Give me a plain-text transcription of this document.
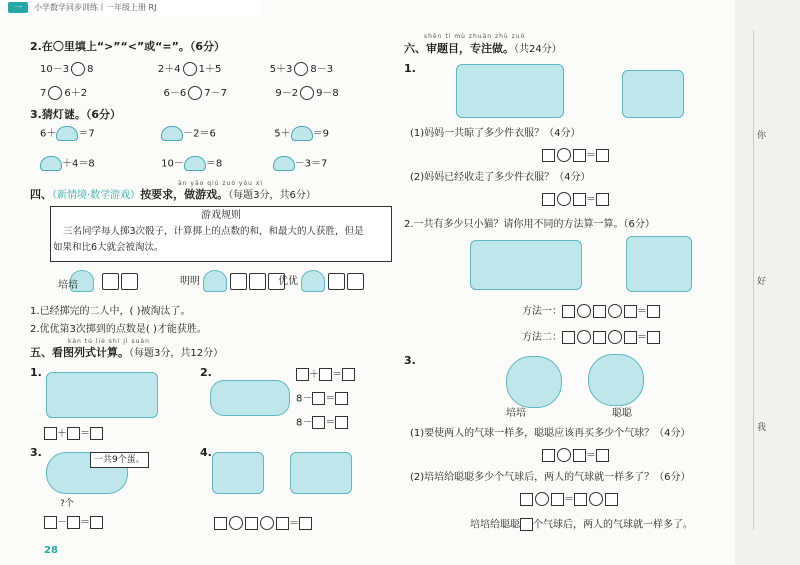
一	小学数学同步训练丨一年级上册 RJ
2.在〇里填上“>”“<”或“=”。（6分）
10－3 8	2＋4 1＋5	5＋3 8－3
7 6＋2	6－6 7－7	9－2 9－8
3.猜灯谜。（6分）
6＋ ＝7	－2＝6	5＋ ＝9
＋4＝8	10－ ＝8	－3＝7
àn yāo qiú zuò yóu xì
四、（新情境·数学游戏）按要求，做游戏。（每题3分，共6分）
游戏规则
三名同学每人掷3次骰子，计算掷上的点数的和，和最大的人获胜，但是
如果和比6大就会被淘汰。
培培	明明	优优
1.已经掷完的二人中，( )被淘汰了。
2.优优第3次掷到的点数是( )才能获胜。
kàn tú liè shì jì suàn
五、看图列式计算。（每题3分，共12分）
1.
＋ ＝
2.	＋ ＝
8－ ＝
8－ ＝
3.
一共9个蛋。
?个
－ ＝
4.
＝
28
shěn tí mù zhuān zhù zuò
六、审题目，专注做。（共24分）
1.
(1)妈妈一共晾了多少件衣服？（4分）
＝
(2)妈妈已经收走了多少件衣服？（4分）
＝
2.一共有多少只小猫？请你用不同的方法算一算。（6分）
方法一：	＝
方法二：	＝
3.
培培	聪聪
(1)要使两人的气球一样多，聪聪应该再买多少个气球？（4分）
＝
(2)培培给聪聪多少个气球后，两人的气球就一样多了？（6分）
＝
培培给聪聪 个气球后，两人的气球就一样多了。
你
好
我
